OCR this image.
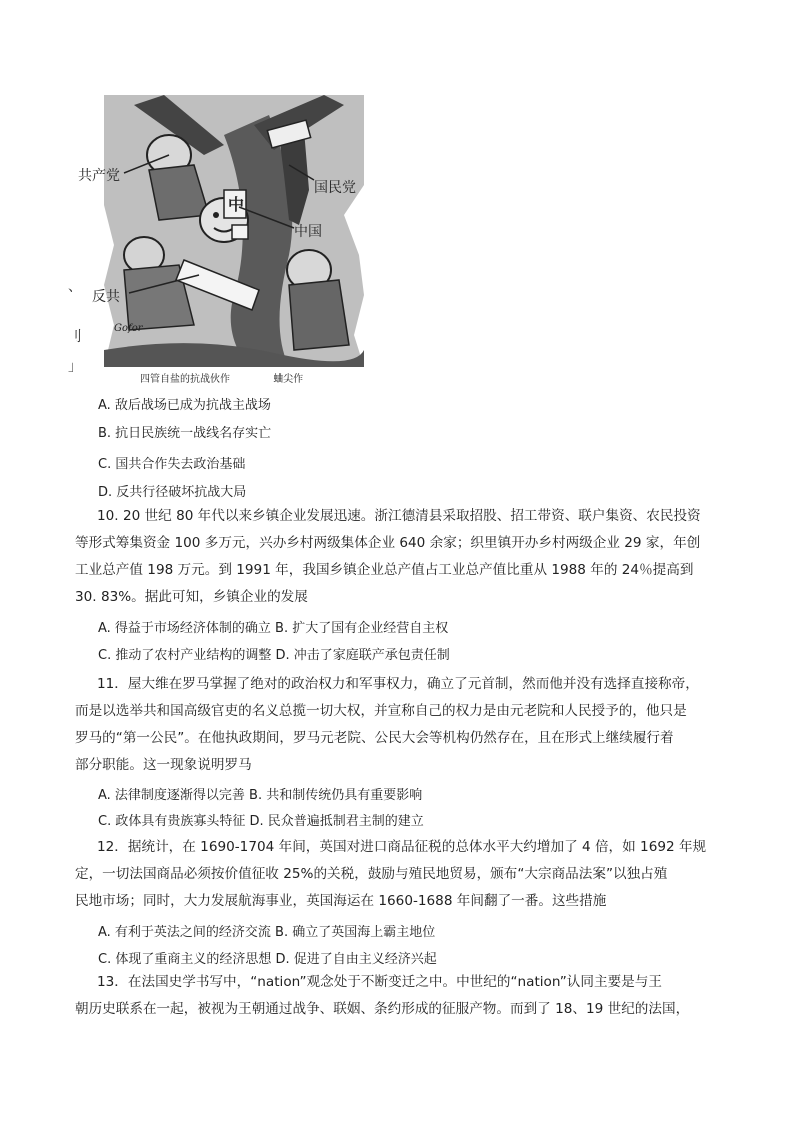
中
Gofor
共产党
国民党
中国
反共
、
刂
」
四管自盐的抗战伙作	蛐尖作
A. 敌后战场已成为抗战主战场
B. 抗日民族统一战线名存实亡
C. 国共合作失去政治基础
D. 反共行径破坏抗战大局
10. 20 世纪 80 年代以来乡镇企业发展迅速。浙江德清县采取招股、招工带资、联户集资、农民投资
等形式筹集资金 100 多万元，兴办乡村两级集体企业 640 余家；织里镇开办乡村两级企业 29 家，年创
工业总产值 198 万元。到 1991 年，我国乡镇企业总产值占工业总产值比重从 1988 年的 24％提高到
30. 83%。据此可知，乡镇企业的发展
A. 得益于市场经济体制的确立 B. 扩大了国有企业经营自主权
C. 推动了农村产业结构的调整 D. 冲击了家庭联产承包责任制
11．屋大维在罗马掌握了绝对的政治权力和军事权力，确立了元首制，然而他并没有选择直接称帝，
而是以选举共和国高级官吏的名义总揽一切大权，并宣称自己的权力是由元老院和人民授予的，他只是
罗马的“第一公民”。在他执政期间，罗马元老院、公民大会等机构仍然存在，且在形式上继续履行着
部分职能。这一现象说明罗马
A. 法律制度逐渐得以完善 B. 共和制传统仍具有重要影响
C. 政体具有贵族寡头特征 D. 民众普遍抵制君主制的建立
12．据统计，在 1690-1704 年间，英国对进口商品征税的总体水平大约增加了 4 倍，如 1692 年规
定，一切法国商品必须按价值征收 25%的关税，鼓励与殖民地贸易，颁布“大宗商品法案”以独占殖
民地市场；同时，大力发展航海事业，英国海运在 1660-1688 年间翻了一番。这些措施
A. 有利于英法之间的经济交流 B. 确立了英国海上霸主地位
C. 体现了重商主义的经济思想 D. 促进了自由主义经济兴起
13．在法国史学书写中，“nation”观念处于不断变迁之中。中世纪的“nation”认同主要是与王
朝历史联系在一起，被视为王朝通过战争、联姻、条约形成的征服产物。而到了 18、19 世纪的法国，
